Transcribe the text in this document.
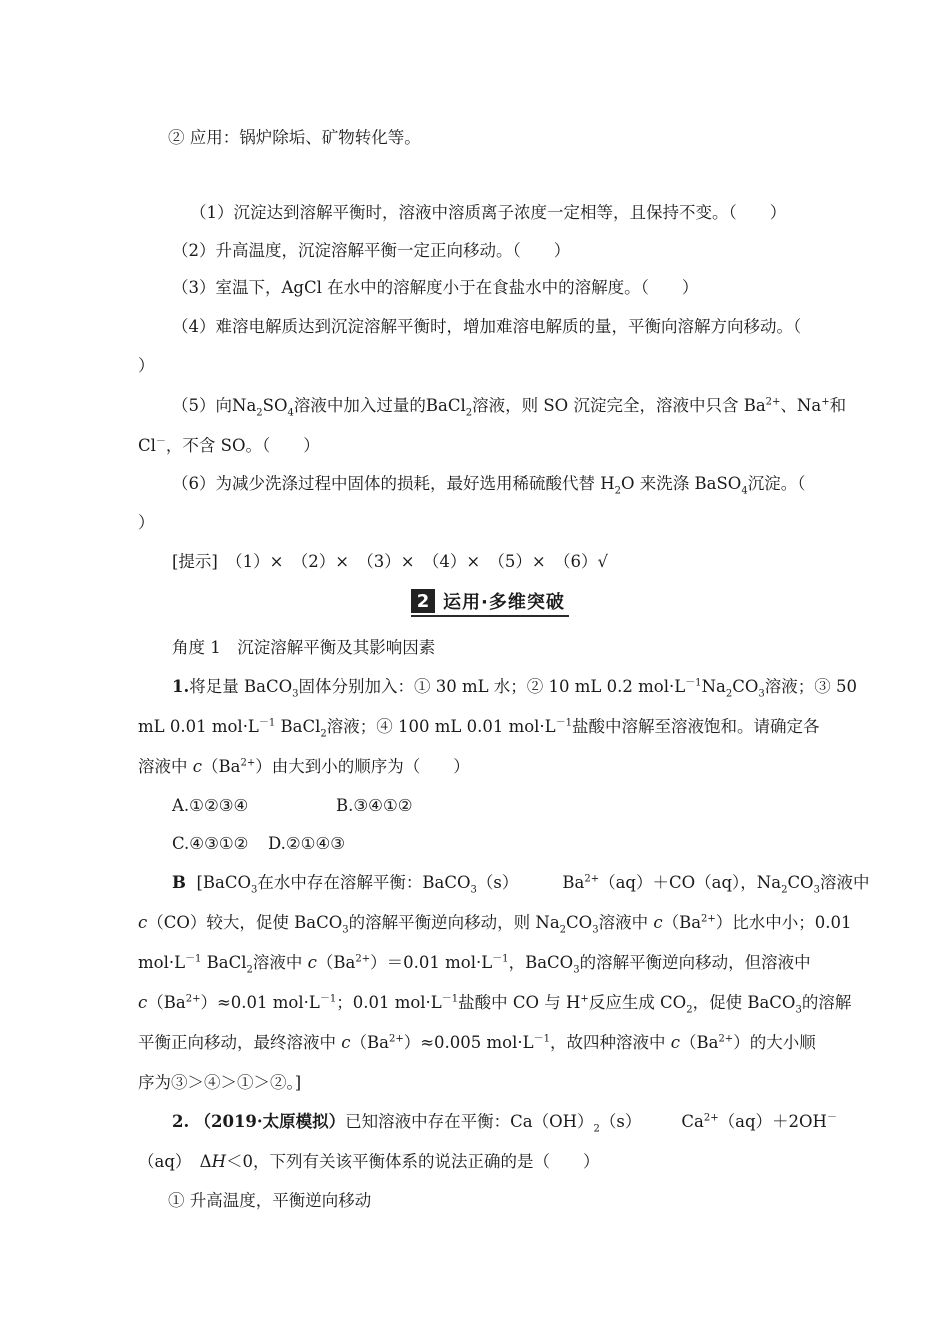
② 应用：锅炉除垢、矿物转化等。
（1）沉淀达到溶解平衡时，溶液中溶质离子浓度一定相等，且保持不变。（　　）
（2）升高温度，沉淀溶解平衡一定正向移动。（　　）
（3）室温下，AgCl 在水中的溶解度小于在食盐水中的溶解度。（　　）
（4）难溶电解质达到沉淀溶解平衡时，增加难溶电解质的量，平衡向溶解方向移动。（
）
（5）向$Na_2SO_4$溶液中加入过量的BaCl$_2$溶液，则 SO 沉淀完全，溶液中只含 $Ba^{2+}$、Na+和
Cl－，不含 SO。（　　）
（6）为减少洗涤过程中固体的损耗，最好选用稀硫酸代替 $H_2O$ 来洗涤 BaSO$_4$沉淀。（
）
[提示]　（1）×　（2）×　（3）×　（4）×　（5）×　（6）√
2 运用·多维突破
角度 1　沉淀溶解平衡及其影响因素
1.将足量 BaCO$_3$固体分别加入：① 30 mL 水；② 10 mL 0.2 $mol\cdot L^{-1}Na_2CO_3$溶液；③ 50
mL 0.01 $mol\cdot L^{-1}$ BaCl$_2$溶液；④ 100 mL 0.01 $mol\cdot L^{-1}$盐酸中溶解至溶液饱和。请确定各
溶液中 $c(Ba^{2+})$由大到小的顺序为（　　）
A.①②③④	B.③④①②
C.④③①② D.②①④③
B [BaCO$_3$在水中存在溶解平衡：BaCO$_3$（s）	$Ba^{2+}(aq)+CO(aq)$，$Na_2CO_3$溶液中
c（CO）较大，促使 BaCO$_3$的溶解平衡逆向移动，则 $Na_2CO_3$溶液中 $c(Ba^{2+})$比水中小；0.01
$mol\cdot L^{-1}$ BaCl$_2$溶液中 $c(Ba^{2+})=0.01$ $mol\cdot L^{-1}$，BaCO$_3$的溶解平衡逆向移动，但溶液中
$c(Ba^{2+})\approx 0.01$ $mol\cdot L^{-1}$；0.01 $mol\cdot L^{-1}$盐酸中 CO 与 H+反应生成 $CO_2$，促使 BaCO$_3$的溶解
平衡正向移动，最终溶液中 $c(Ba^{2+})\approx 0.005$ $mol\cdot L^{-1}$，故四种溶液中 $c(Ba^{2+})$的大小顺
序为③＞④＞①＞②。]
2. （2019·太原模拟）已知溶液中存在平衡：$Ca(OH)_2(s)$ $Ca^{2+}(aq)+2OH^-$
（aq）　ΔH＜0，下列有关该平衡体系的说法正确的是（　　）
① 升高温度，平衡逆向移动
